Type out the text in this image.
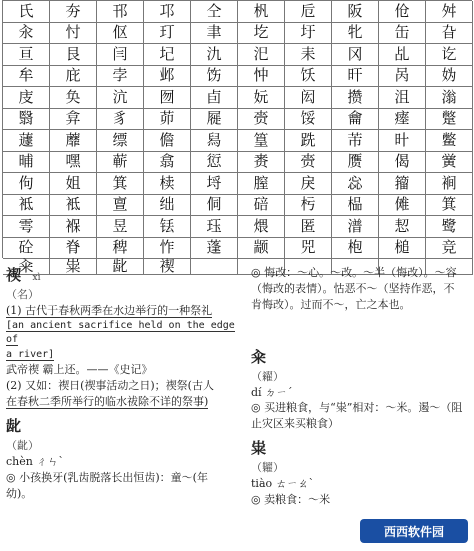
氏	夯	邗	邛	仝	杋	卮	阪	伧	舛
汆	忖	伛	玎	聿	圪	圩	牝	缶	旮
亘	艮	闫	圮	氿	汜	耒	冈	乩	讫
牟	庇	孛	邺	饬	忡	饫	旰	呙	妫
庋	奂	沆	囫	卣	妧	闳	攒	沮	滃
翳	弇	豸	茆	屣	赍	馁	龠	瘗	蹩
蘧	蘼	缥	儋	舄	篁	跣	芾	旪	鳖
晡	嘿	蕲	翕	愆	赉	赍	赝	偈	黉
佝	姐	箕	椟	埒	膣	戾	惢	籀	裥
袛	袛	亶	绌	侗	碚	杇	榀	傩	箕
雩	褓	昱	铥	珏	煨	匿	潽	恝	鹭
砼	脊	稗	怍	蓬	颛	兕	枹	槌	竞
籴	粜	龀	禊
禊 xì
（名）
(1) 古代于春秋两季在水边举行的一种祭礼
[an ancient sacrifice held on the edge of
a river]
武帝禊 霸上还。——《史记》
(2) 又如：禊日(禊事活动之日)；禊祭(古人
在春秋二季所举行的临水祓除不详的祭事)
龀
（齔）
chèn ㄔㄣˋ
◎ 小孩换牙(乳齿脱落长出恒齿)：童～(年
幼)。
◎ 悔改：～心。～改。～半（悔改）。～容
（悔改的表情）。怙恶不～（坚持作恶，不
肯悔改）。过而不～，亡之本也。
籴
（糴）
dí ㄉㄧˊ
◎ 买进粮食，与“粜”相对：～米。遏～（阻
止灾区来买粮食）
粜
（糶）
tiào ㄊㄧㄠˋ
◎ 卖粮食：～米
西西软件园
